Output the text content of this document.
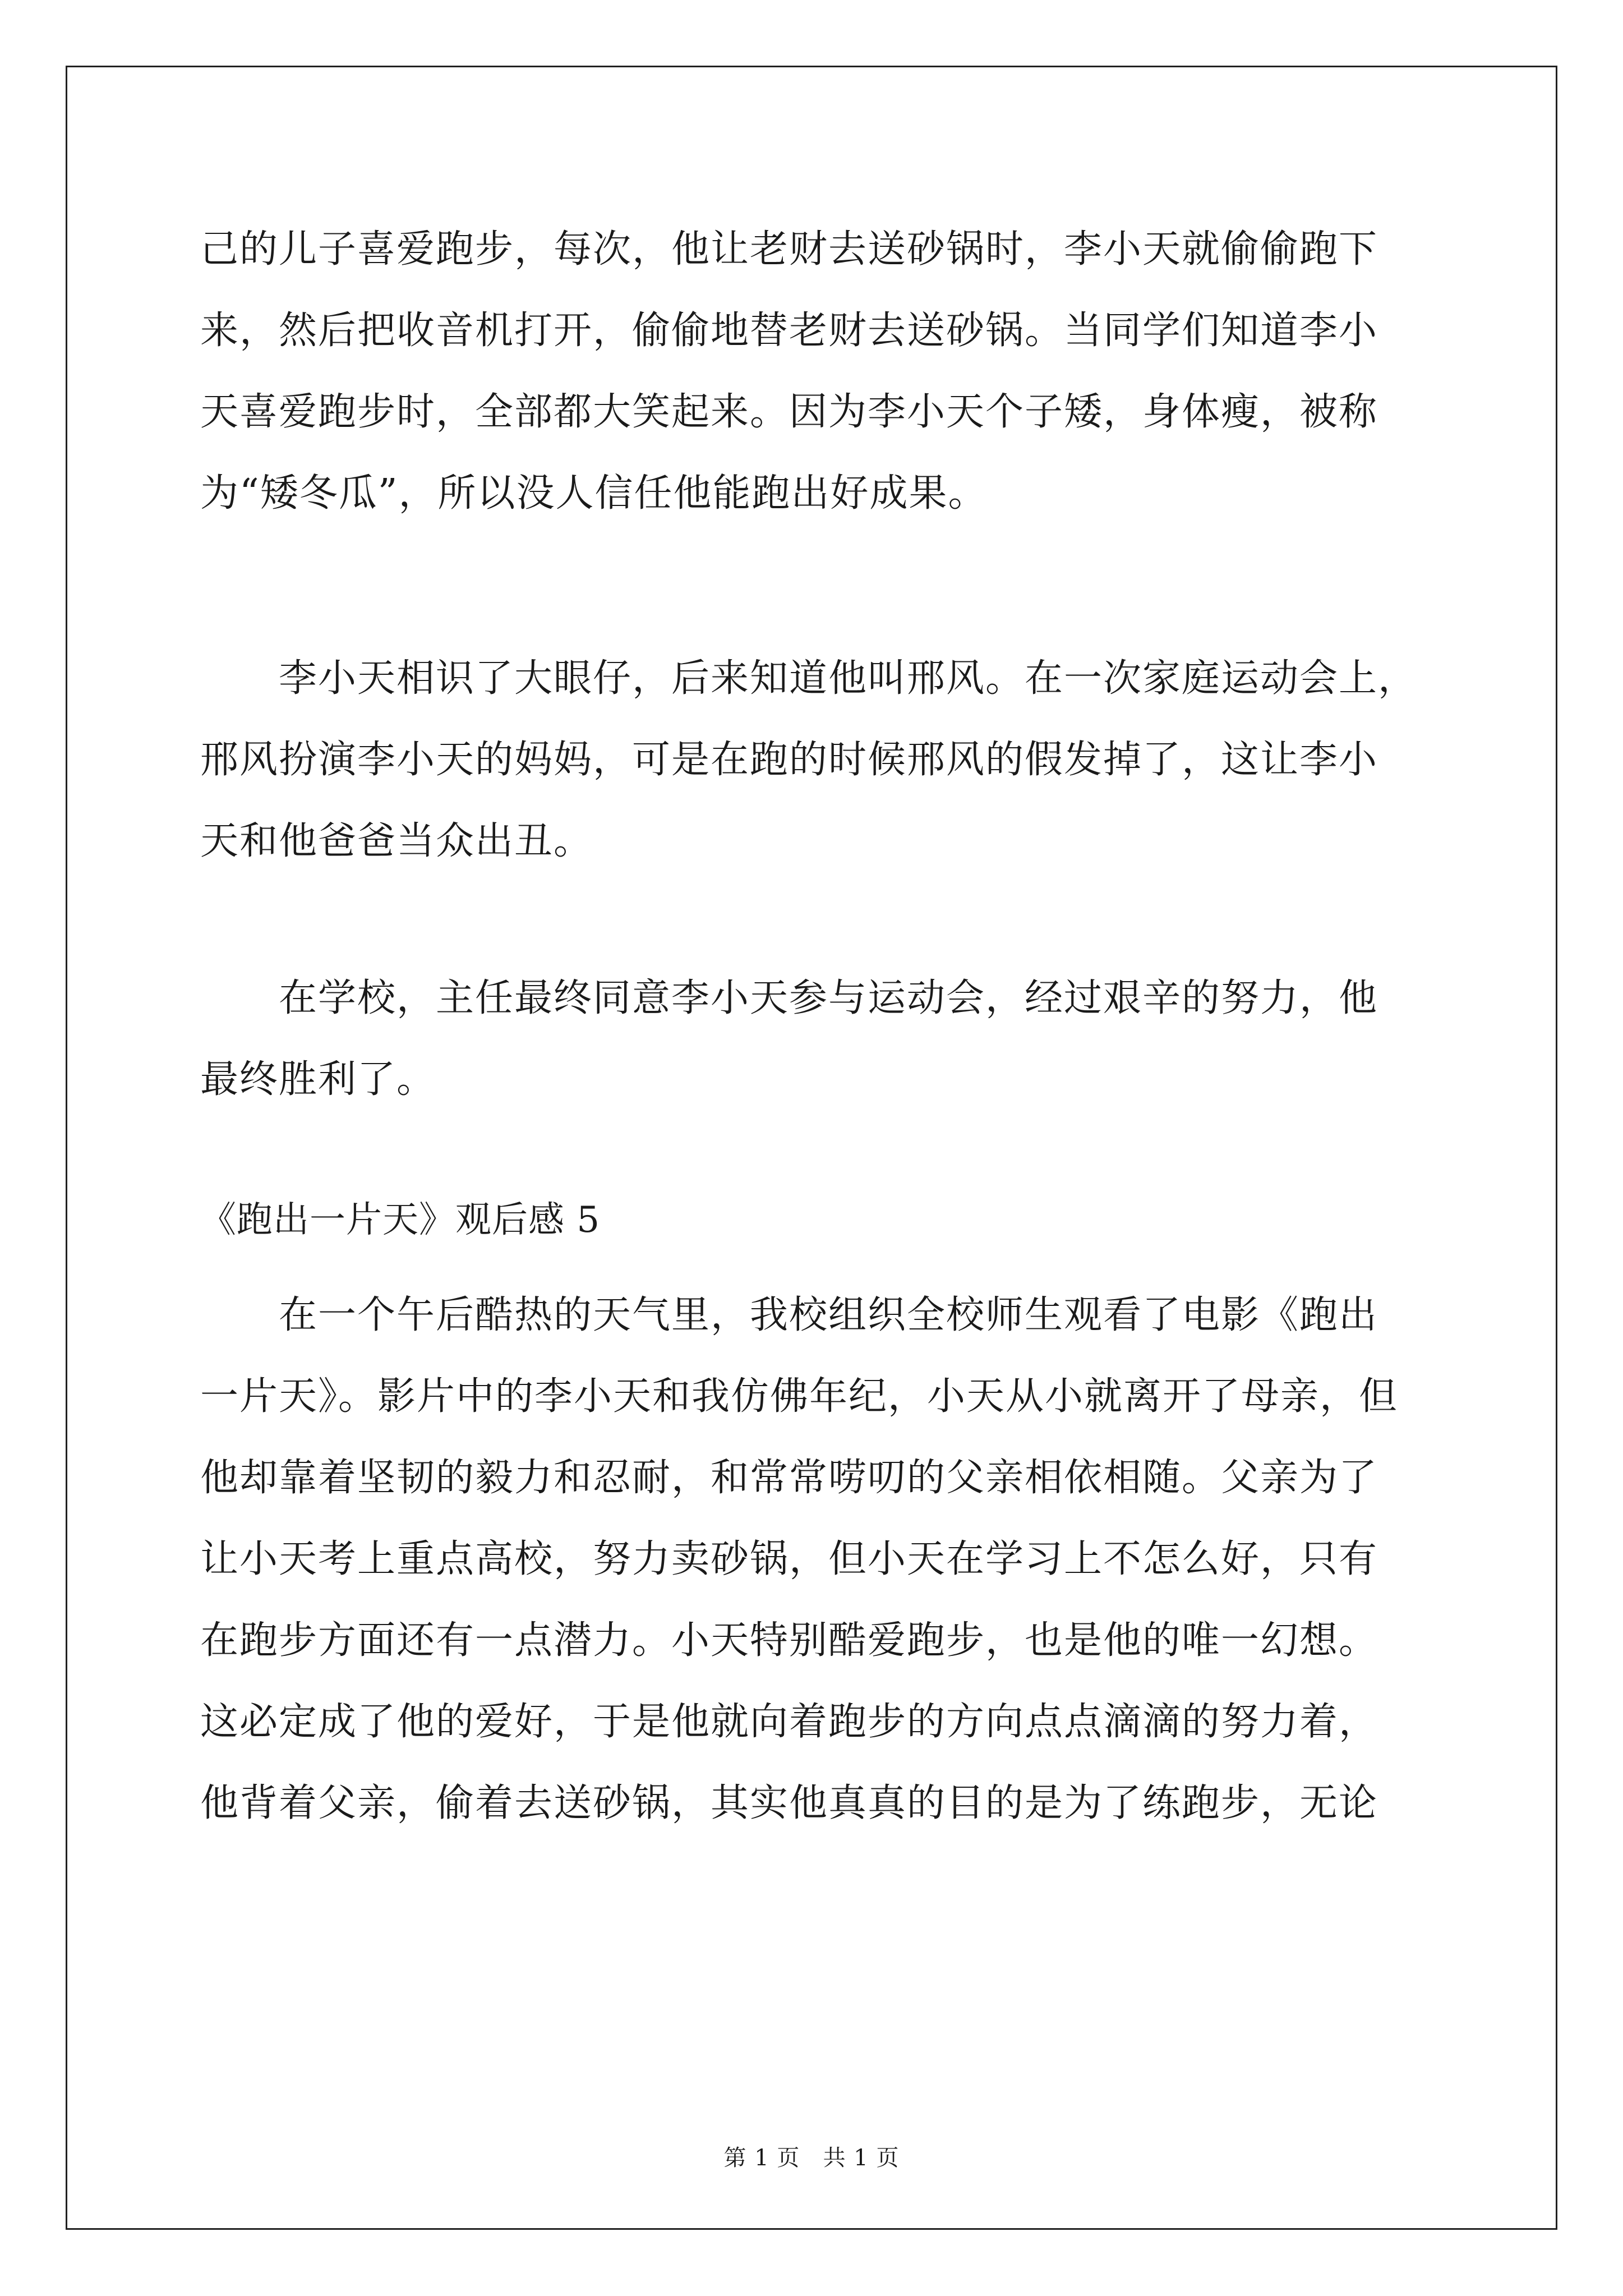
己的儿子喜爱跑步，每次，他让老财去送砂锅时，李小天就偷偷跑下
来，然后把收音机打开，偷偷地替老财去送砂锅。当同学们知道李小
天喜爱跑步时，全部都大笑起来。因为李小天个子矮，身体瘦，被称
为“矮冬瓜”，所以没人信任他能跑出好成果。
李小天相识了大眼仔，后来知道他叫邢风。在一次家庭运动会上，
邢风扮演李小天的妈妈，可是在跑的时候邢风的假发掉了，这让李小
天和他爸爸当众出丑。
在学校，主任最终同意李小天参与运动会，经过艰辛的努力，他
最终胜利了。
《跑出一片天》观后感 5
在一个午后酷热的天气里，我校组织全校师生观看了电影《跑出
一片天》。影片中的李小天和我仿佛年纪，小天从小就离开了母亲，但
他却靠着坚韧的毅力和忍耐，和常常唠叨的父亲相依相随。父亲为了
让小天考上重点高校，努力卖砂锅，但小天在学习上不怎么好，只有
在跑步方面还有一点潜力。小天特别酷爱跑步，也是他的唯一幻想。
这必定成了他的爱好，于是他就向着跑步的方向点点滴滴的努力着，
他背着父亲，偷着去送砂锅，其实他真真的目的是为了练跑步，无论
第 1 页   共 1 页
